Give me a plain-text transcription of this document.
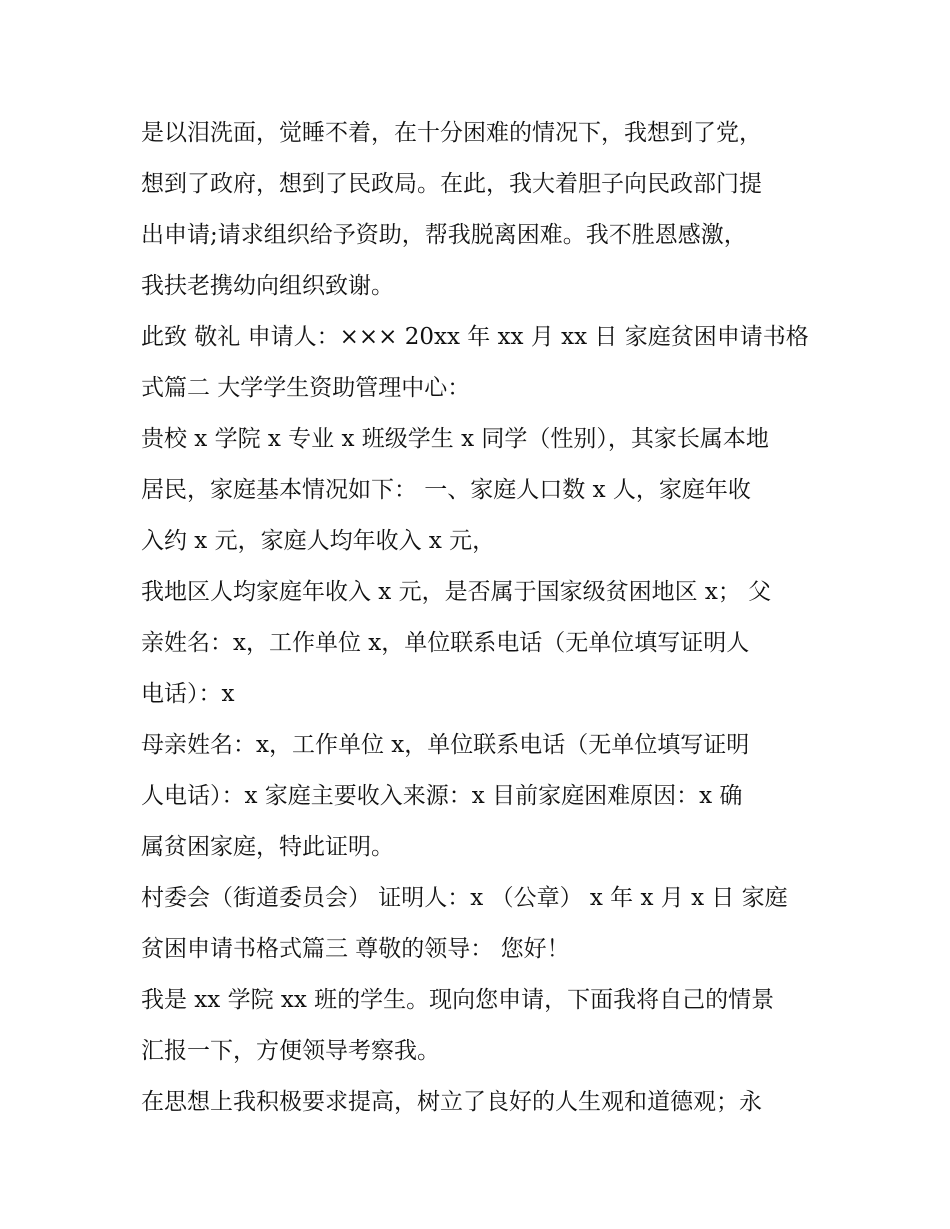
是以泪洗面，觉睡不着，在十分困难的情况下，我想到了党，
想到了政府，想到了民政局。在此，我大着胆子向民政部门提
出申请;请求组织给予资助，帮我脱离困难。我不胜恩感激，
我扶老携幼向组织致谢。
此致 敬礼 申请人：××× 20xx 年 xx 月 xx 日 家庭贫困申请书格
式篇二 大学学生资助管理中心：
贵校 x 学院 x 专业 x 班级学生 x 同学（性别），其家长属本地
居民，家庭基本情况如下： 一、家庭人口数 x 人，家庭年收
入约 x 元，家庭人均年收入 x 元，
我地区人均家庭年收入 x 元，是否属于国家级贫困地区 x； 父
亲姓名：x，工作单位 x，单位联系电话（无单位填写证明人
电话）：x
母亲姓名：x，工作单位 x，单位联系电话（无单位填写证明
人电话）：x 家庭主要收入来源：x 目前家庭困难原因：x 确
属贫困家庭，特此证明。
村委会（街道委员会） 证明人：x （公章） x 年 x 月 x 日 家庭
贫困申请书格式篇三 尊敬的领导： 您好！
我是 xx 学院 xx 班的学生。现向您申请，下面我将自己的情景
汇报一下，方便领导考察我。
在思想上我积极要求提高，树立了良好的人生观和道德观；永
